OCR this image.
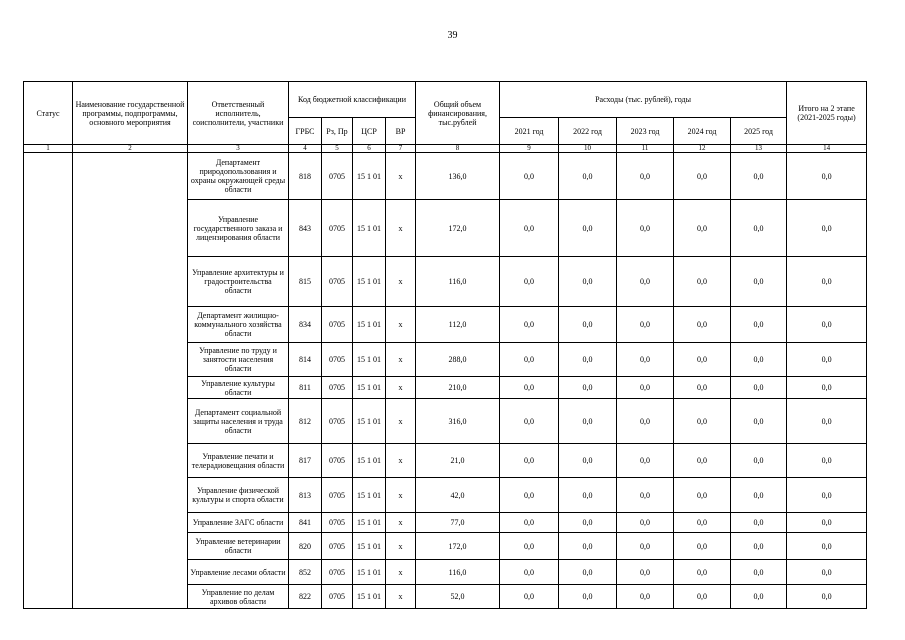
39
Статус	Наименование государственной программы, подпрограммы, основного мероприятия	Ответственный исполнитель, соисполнители, участники	Код бюджетной классификации				Общий объем финансирования, тыс.рублей	Расходы (тыс. рублей), годы					Итого на 2 этапе (2021-2025 годы)
			ГРБС	Рз, Пр	ЦСР	ВР		2021 год	2022 год	2023 год	2024 год	2025 год	
1	2	3	4	5	6	7	8	9	10	11	12	13	14
		Департамент природопользования и охраны окружающей среды области	818	0705	15 1 01	x	136,0	0,0	0,0	0,0	0,0	0,0	0,0
		Управление государственного заказа и лицензирования области	843	0705	15 1 01	x	172,0	0,0	0,0	0,0	0,0	0,0	0,0
		Управление архитектуры и градостроительства области	815	0705	15 1 01	x	116,0	0,0	0,0	0,0	0,0	0,0	0,0
		Департамент жилищно-коммунального хозяйства области	834	0705	15 1 01	x	112,0	0,0	0,0	0,0	0,0	0,0	0,0
		Управление по труду и занятости населения области	814	0705	15 1 01	x	288,0	0,0	0,0	0,0	0,0	0,0	0,0
		Управление культуры области	811	0705	15 1 01	x	210,0	0,0	0,0	0,0	0,0	0,0	0,0
		Департамент социальной защиты населения и труда области	812	0705	15 1 01	x	316,0	0,0	0,0	0,0	0,0	0,0	0,0
		Управление печати и телерадиовещания области	817	0705	15 1 01	x	21,0	0,0	0,0	0,0	0,0	0,0	0,0
		Управление физической культуры и спорта области	813	0705	15 1 01	x	42,0	0,0	0,0	0,0	0,0	0,0	0,0
		Управление ЗАГС области	841	0705	15 1 01	x	77,0	0,0	0,0	0,0	0,0	0,0	0,0
		Управление ветеринарии области	820	0705	15 1 01	x	172,0	0,0	0,0	0,0	0,0	0,0	0,0
		Управление лесами области	852	0705	15 1 01	x	116,0	0,0	0,0	0,0	0,0	0,0	0,0
		Управление по делам архивов области	822	0705	15 1 01	x	52,0	0,0	0,0	0,0	0,0	0,0	0,0
